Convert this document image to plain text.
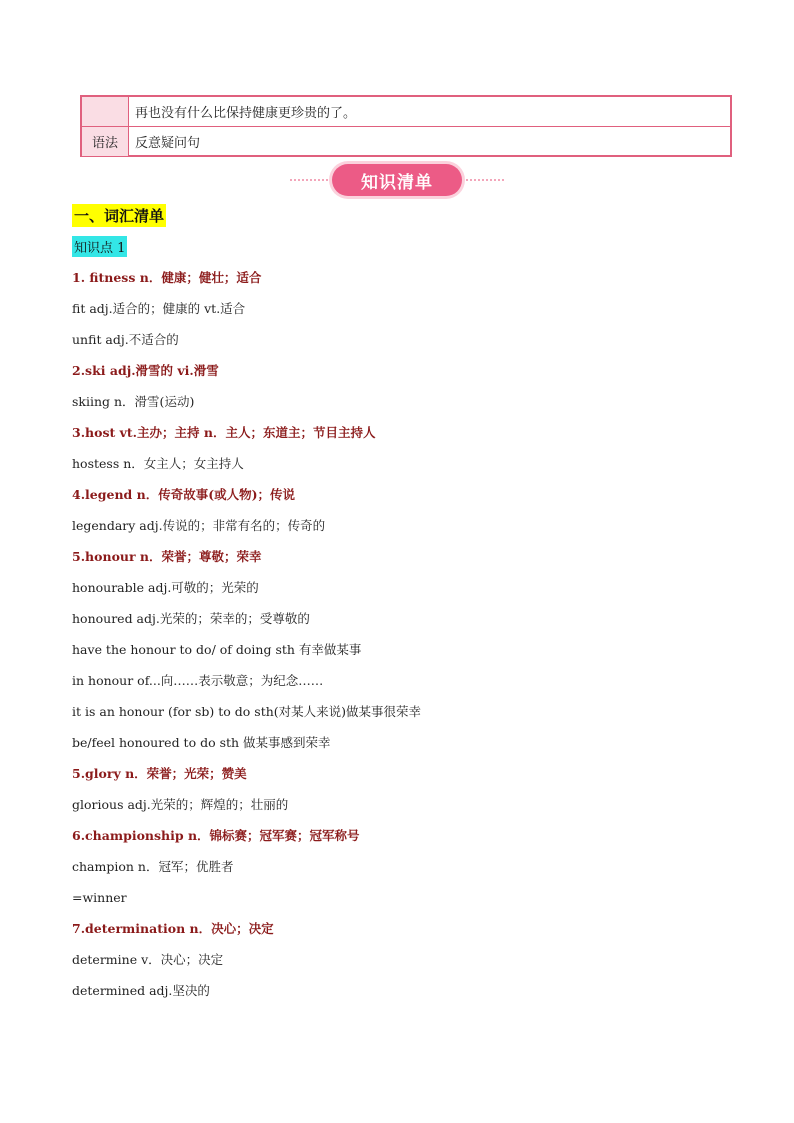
再也没有什么比保持健康更珍贵的了。
语法	反意疑问句
知识清单
一、词汇清单
知识点 1
1. fitness n．健康；健壮；适合
fit adj.适合的；健康的 vt.适合
unfit adj.不适合的
2.ski adj.滑雪的 vi.滑雪
skiing n．滑雪(运动)
3.host vt.主办；主持 n．主人；东道主；节目主持人
hostess n．女主人；女主持人
4.legend n．传奇故事(或人物)；传说
legendary adj.传说的；非常有名的；传奇的
5.honour n．荣誉；尊敬；荣幸
honourable adj.可敬的；光荣的
honoured adj.光荣的；荣幸的；受尊敬的
have the honour to do/ of doing sth 有幸做某事
in honour of...向……表示敬意；为纪念……
it is an honour (for sb) to do sth(对某人来说)做某事很荣幸
be/feel honoured to do sth 做某事感到荣幸
5.glory n．荣誉；光荣；赞美
glorious adj.光荣的；辉煌的；壮丽的
6.championship n．锦标赛；冠军赛；冠军称号
champion n．冠军；优胜者
=winner
7.determination n．决心；决定
determine v．决心；决定
determined adj.坚决的
